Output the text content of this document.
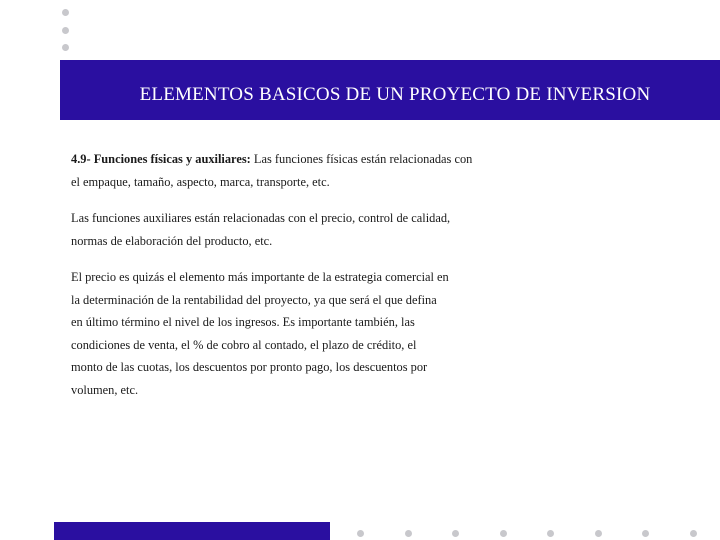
ELEMENTOS BASICOS DE UN PROYECTO DE INVERSION
4.9- Funciones físicas y auxiliares: Las funciones físicas están relacionadas con
el empaque, tamaño, aspecto, marca, transporte, etc.
Las funciones auxiliares están relacionadas con el precio, control de calidad,
normas de elaboración del producto, etc.
El precio es quizás el elemento más importante de la estrategia comercial en
la determinación de la rentabilidad del proyecto, ya que será el que defina
en último término el nivel de los ingresos. Es importante también, las
condiciones de venta, el % de cobro al contado, el plazo de crédito, el
monto de las cuotas, los descuentos por pronto pago, los descuentos por
volumen, etc.
